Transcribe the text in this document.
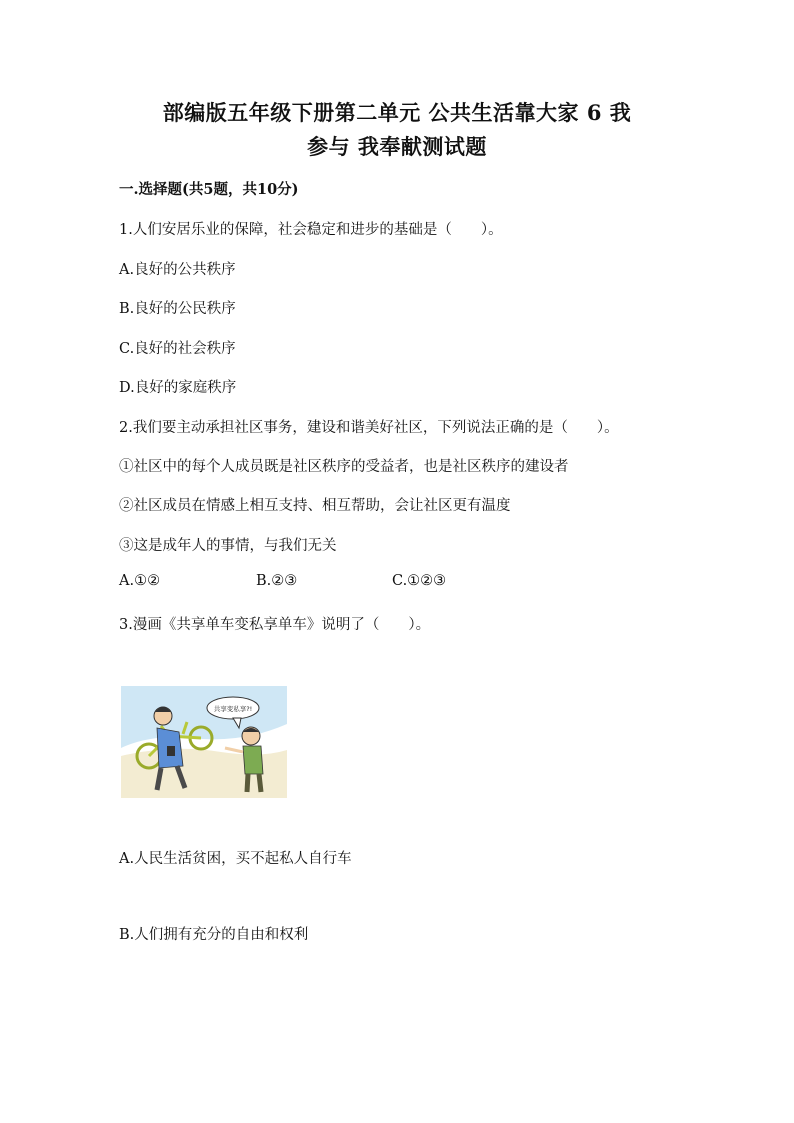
部编版五年级下册第二单元 公共生活靠大家 6 我
参与 我奉献测试题
一.选择题(共5题，共10分)
1.人们安居乐业的保障，社会稳定和进步的基础是（　　）。
A.良好的公共秩序
B.良好的公民秩序
C.良好的社会秩序
D.良好的家庭秩序
2.我们要主动承担社区事务，建设和谐美好社区，下列说法正确的是（　　）。
①社区中的每个人成员既是社区秩序的受益者，也是社区秩序的建设者
②社区成员在情感上相互支持、相互帮助，会让社区更有温度
③这是成年人的事情，与我们无关
A.①②	B.②③	C.①②③
3.漫画《共享单车变私享单车》说明了（　　）。
共享变私享?!
A.人民生活贫困，买不起私人自行车
B.人们拥有充分的自由和权利
